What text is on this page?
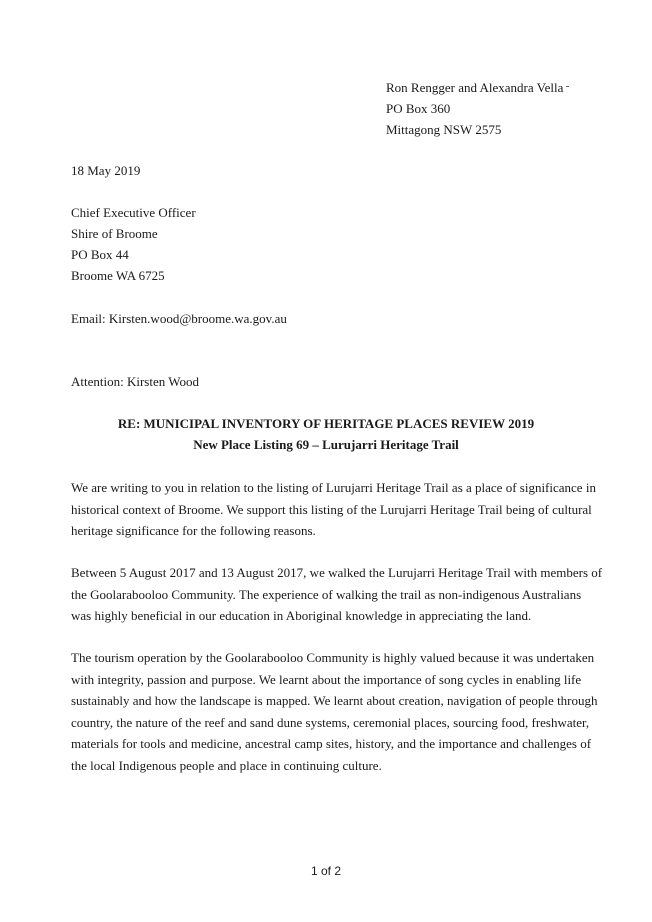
Ron Rengger and Alexandra Vella
PO Box 360
Mittagong NSW 2575
18 May 2019
Chief Executive Officer
Shire of Broome
PO Box 44
Broome WA 6725
Email: Kirsten.wood@broome.wa.gov.au
Attention: Kirsten Wood
RE: MUNICIPAL INVENTORY OF HERITAGE PLACES REVIEW 2019
New Place Listing 69 – Lurujarri Heritage Trail
We are writing to you in relation to the listing of Lurujarri Heritage Trail as a place of significance in
historical context of Broome. We support this listing of the Lurujarri Heritage Trail being of cultural
heritage significance for the following reasons.
Between 5 August 2017 and 13 August 2017, we walked the Lurujarri Heritage Trail with members of
the Goolarabooloo Community. The experience of walking the trail as non-indigenous Australians
was highly beneficial in our education in Aboriginal knowledge in appreciating the land.
The tourism operation by the Goolarabooloo Community is highly valued because it was undertaken
with integrity, passion and purpose. We learnt about the importance of song cycles in enabling life
sustainably and how the landscape is mapped. We learnt about creation, navigation of people through
country, the nature of the reef and sand dune systems, ceremonial places, sourcing food, freshwater,
materials for tools and medicine, ancestral camp sites, history, and the importance and challenges of
the local Indigenous people and place in continuing culture.
1 of 2
